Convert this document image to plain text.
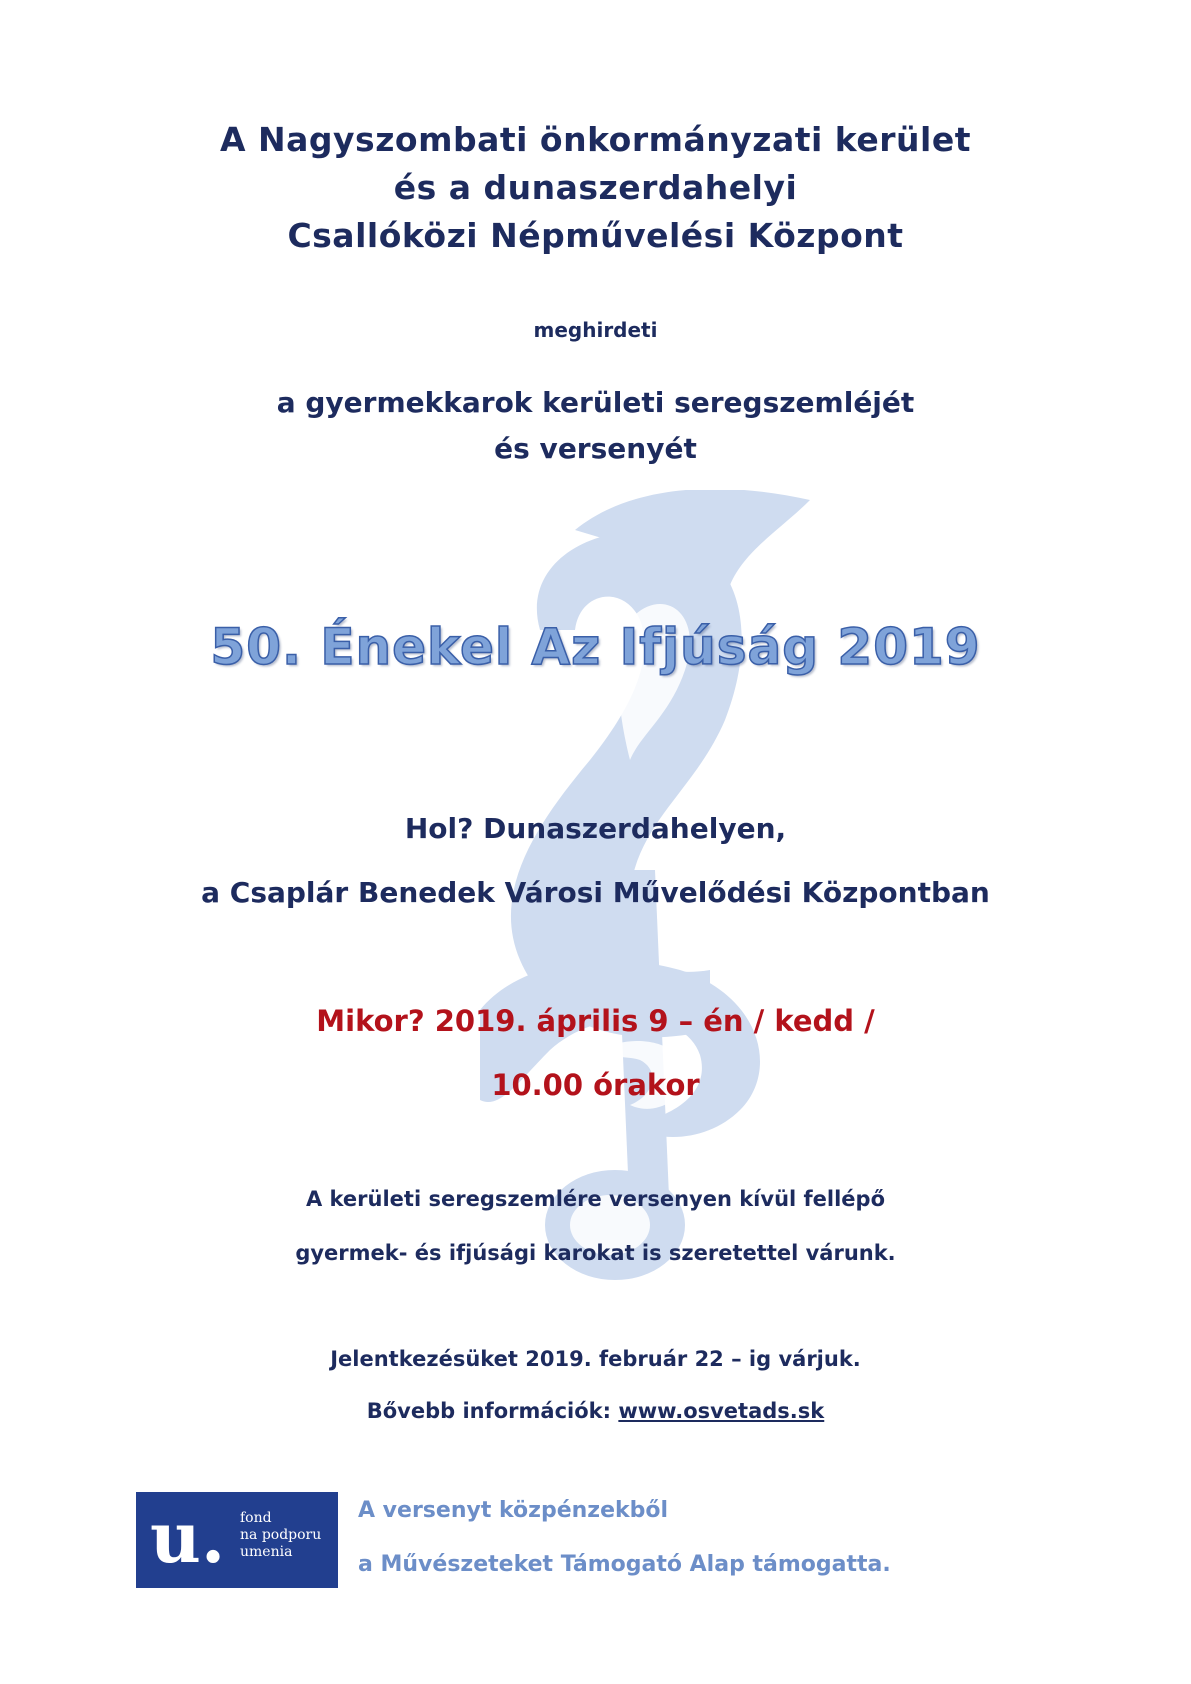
A Nagyszombati önkormányzati kerület
és a dunaszerdahelyi
Csallóközi Népművelési Központ
meghirdeti
a gyermekkarok kerületi seregszemléjét
és versenyét
50. Énekel Az Ifjúság 2019
Hol? Dunaszerdahelyen,
a Csaplár Benedek Városi Művelődési Központban
Mikor? 2019. április 9 – én / kedd /
10.00 órakor
A kerületi seregszemlére versenyen kívül fellépő
gyermek- és ifjúsági karokat is szeretettel várunk.
Jelentkezésüket 2019. február 22 – ig várjuk.
Bővebb információk: www.osvetads.sk
u. fond
na podporu
umenia
A versenyt közpénzekből
a Művészeteket Támogató Alap támogatta.
